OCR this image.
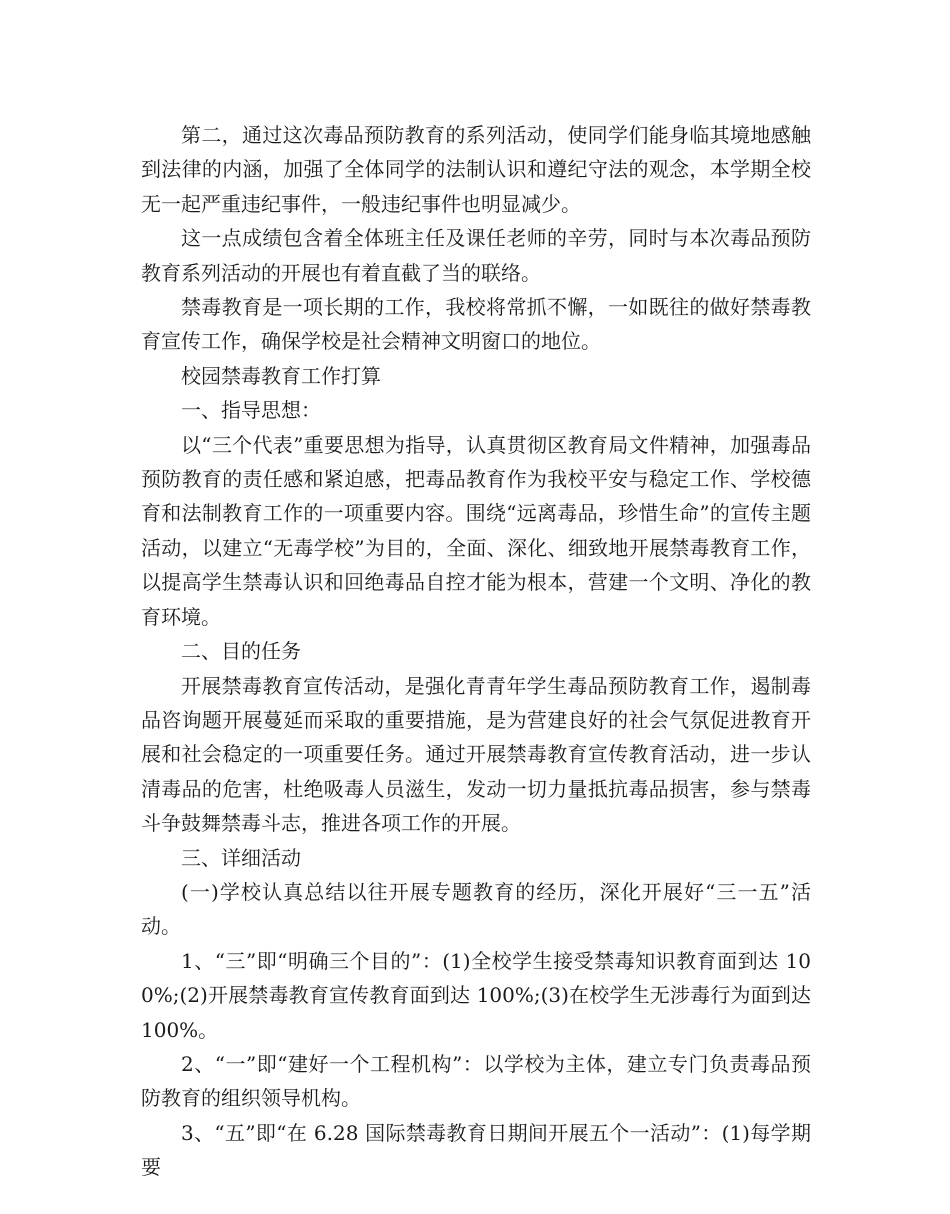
第二，通过这次毒品预防教育的系列活动，使同学们能身临其境地感触到法律的内涵，加强了全体同学的法制认识和遵纪守法的观念，本学期全校无一起严重违纪事件，一般违纪事件也明显减少。

这一点成绩包含着全体班主任及课任老师的辛劳，同时与本次毒品预防教育系列活动的开展也有着直截了当的联络。

禁毒教育是一项长期的工作，我校将常抓不懈，一如既往的做好禁毒教育宣传工作，确保学校是社会精神文明窗口的地位。

校园禁毒教育工作打算

一、指导思想：

以“三个代表”重要思想为指导，认真贯彻区教育局文件精神，加强毒品预防教育的责任感和紧迫感，把毒品教育作为我校平安与稳定工作、学校德育和法制教育工作的一项重要内容。围绕“远离毒品，珍惜生命”的宣传主题活动，以建立“无毒学校”为目的，全面、深化、细致地开展禁毒教育工作，以提高学生禁毒认识和回绝毒品自控才能为根本，营建一个文明、净化的教育环境。

二、目的任务

开展禁毒教育宣传活动，是强化青青年学生毒品预防教育工作，遏制毒品咨询题开展蔓延而采取的重要措施，是为营建良好的社会气氛促进教育开展和社会稳定的一项重要任务。通过开展禁毒教育宣传教育活动，进一步认清毒品的危害，杜绝吸毒人员滋生，发动一切力量抵抗毒品损害，参与禁毒斗争鼓舞禁毒斗志，推进各项工作的开展。

三、详细活动

(一)学校认真总结以往开展专题教育的经历，深化开展好“三一五”活动。

1、“三”即“明确三个目的”：(1)全校学生接受禁毒知识教育面到达 100%;(2)开展禁毒教育宣传教育面到达 100%;(3)在校学生无涉毒行为面到达 100%。

2、“一”即“建好一个工程机构”：以学校为主体，建立专门负责毒品预防教育的组织领导机构。

3、“五”即“在 6.28 国际禁毒教育日期间开展五个一活动”：(1)每学期要
